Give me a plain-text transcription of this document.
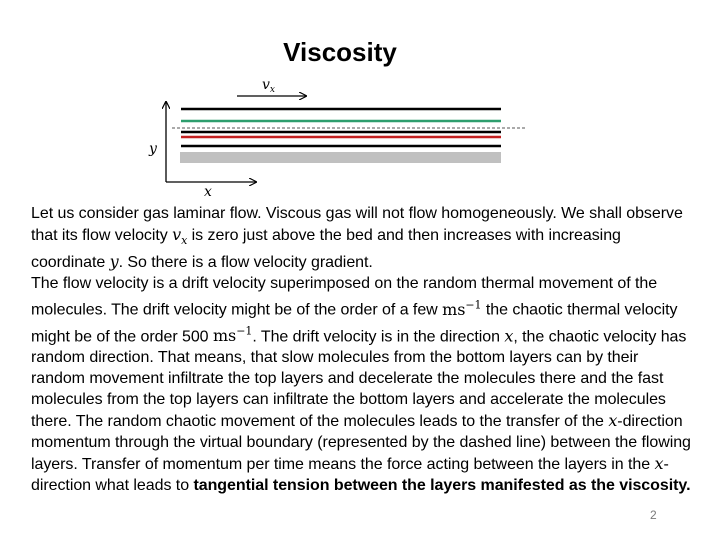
Viscosity
$v_x$
y
x

Let us consider gas laminar flow. Viscous gas will not flow homogeneously. We shall observe that its flow velocity $v_x$ is zero just above the bed and then increases with increasing coordinate y. So there is a flow velocity gradient.

The flow velocity is a drift velocity superimposed on the random thermal movement of the molecules. The drift velocity might be of the order of a few $ms^{-1}$ the chaotic thermal velocity might be of the order 500 $ms^{-1}$. The drift velocity is in the direction x, the chaotic velocity has random direction. That means, that slow molecules from the bottom layers can by their random movement infiltrate the top layers and decelerate the molecules there and the fast molecules from the top layers can infiltrate the bottom layers and accelerate the molecules there. The random chaotic movement of the molecules leads to the transfer of the x-direction momentum through the virtual boundary (represented by the dashed line) between the flowing layers. Transfer of momentum per time means the force acting between the layers in the x-direction what leads to tangential tension between the layers manifested as the viscosity.

2
